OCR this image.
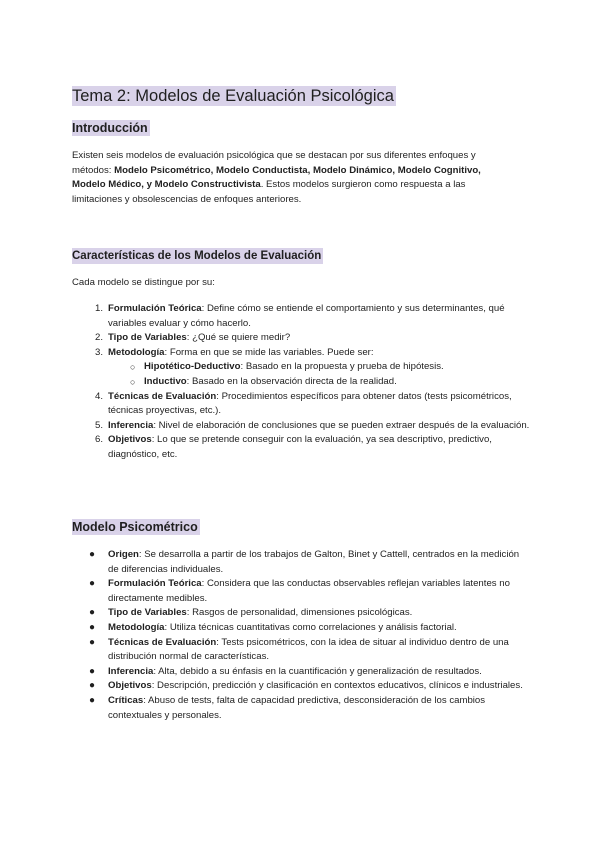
Tema 2: Modelos de Evaluación Psicológica
Introducción

Existen seis modelos de evaluación psicológica que se destacan por sus diferentes enfoques y métodos: Modelo Psicométrico, Modelo Conductista, Modelo Dinámico, Modelo Cognitivo, Modelo Médico, y Modelo Constructivista. Estos modelos surgieron como respuesta a las limitaciones y obsolescencias de enfoques anteriores.

Características de los Modelos de Evaluación

Cada modelo se distingue por su:

1. Formulación Teórica: Define cómo se entiende el comportamiento y sus determinantes, qué variables evaluar y cómo hacerlo.
2. Tipo de Variables: ¿Qué se quiere medir?
3. Metodología: Forma en que se mide las variables. Puede ser:
○ Hipotético-Deductivo: Basado en la propuesta y prueba de hipótesis.
○ Inductivo: Basado en la observación directa de la realidad.
4. Técnicas de Evaluación: Procedimientos específicos para obtener datos (tests psicométricos, técnicas proyectivas, etc.).
5. Inferencia: Nivel de elaboración de conclusiones que se pueden extraer después de la evaluación.
6. Objetivos: Lo que se pretende conseguir con la evaluación, ya sea descriptivo, predictivo, diagnóstico, etc.
Modelo Psicométrico
● Origen: Se desarrolla a partir de los trabajos de Galton, Binet y Cattell, centrados en la medición de diferencias individuales.
● Formulación Teórica: Considera que las conductas observables reflejan variables latentes no directamente medibles.
● Tipo de Variables: Rasgos de personalidad, dimensiones psicológicas.
● Metodología: Utiliza técnicas cuantitativas como correlaciones y análisis factorial.
● Técnicas de Evaluación: Tests psicométricos, con la idea de situar al individuo dentro de una distribución normal de características.
● Inferencia: Alta, debido a su énfasis en la cuantificación y generalización de resultados.
● Objetivos: Descripción, predicción y clasificación en contextos educativos, clínicos e industriales.
● Críticas: Abuso de tests, falta de capacidad predictiva, desconsideración de los cambios contextuales y personales.
